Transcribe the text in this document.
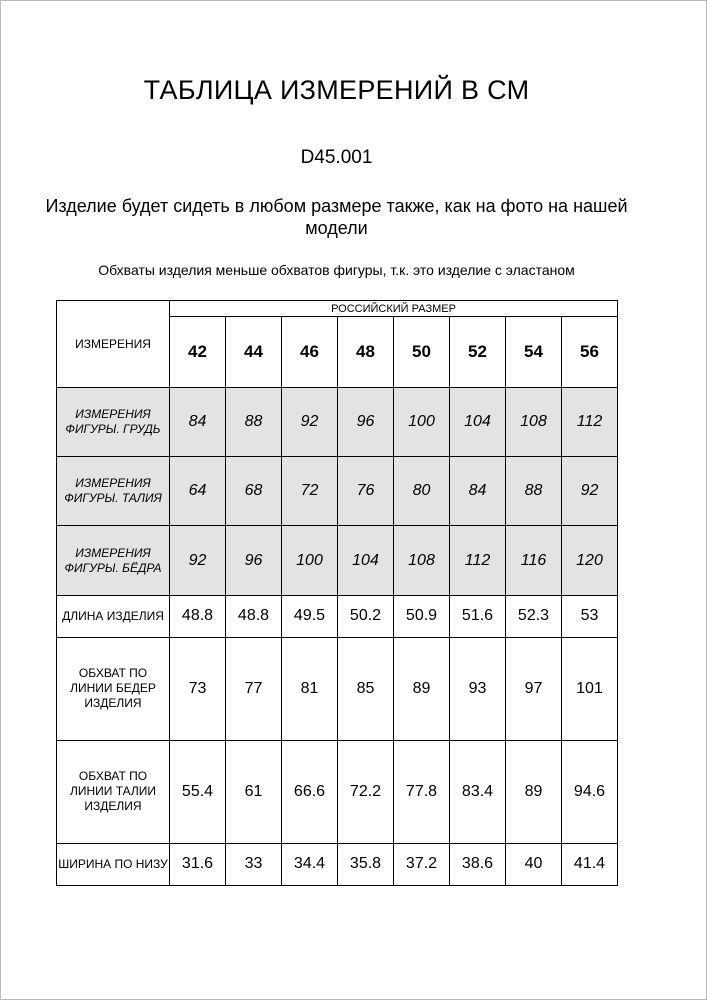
ТАБЛИЦА ИЗМЕРЕНИЙ В СМ
D45.001
Изделие будет сидеть в любом размере также, как на фото на нашей модели
Обхваты изделия меньше обхватов фигуры, т.к. это изделие с эластаном
ИЗМЕРЕНИЯ	РОССИЙСКИЙ РАЗМЕР							
	42	44	46	48	50	52	54	56
ИЗМЕРЕНИЯ ФИГУРЫ. ГРУДЬ	84	88	92	96	100	104	108	112
ИЗМЕРЕНИЯ ФИГУРЫ. ТАЛИЯ	64	68	72	76	80	84	88	92
ИЗМЕРЕНИЯ ФИГУРЫ. БЁДРА	92	96	100	104	108	112	116	120
ДЛИНА ИЗДЕЛИЯ	48.8	48.8	49.5	50.2	50.9	51.6	52.3	53
ОБХВАТ ПО ЛИНИИ БЕДЕР ИЗДЕЛИЯ	73	77	81	85	89	93	97	101
ОБХВАТ ПО ЛИНИИ ТАЛИИ ИЗДЕЛИЯ	55.4	61	66.6	72.2	77.8	83.4	89	94.6
ШИРИНА ПО НИЗУ	31.6	33	34.4	35.8	37.2	38.6	40	41.4
